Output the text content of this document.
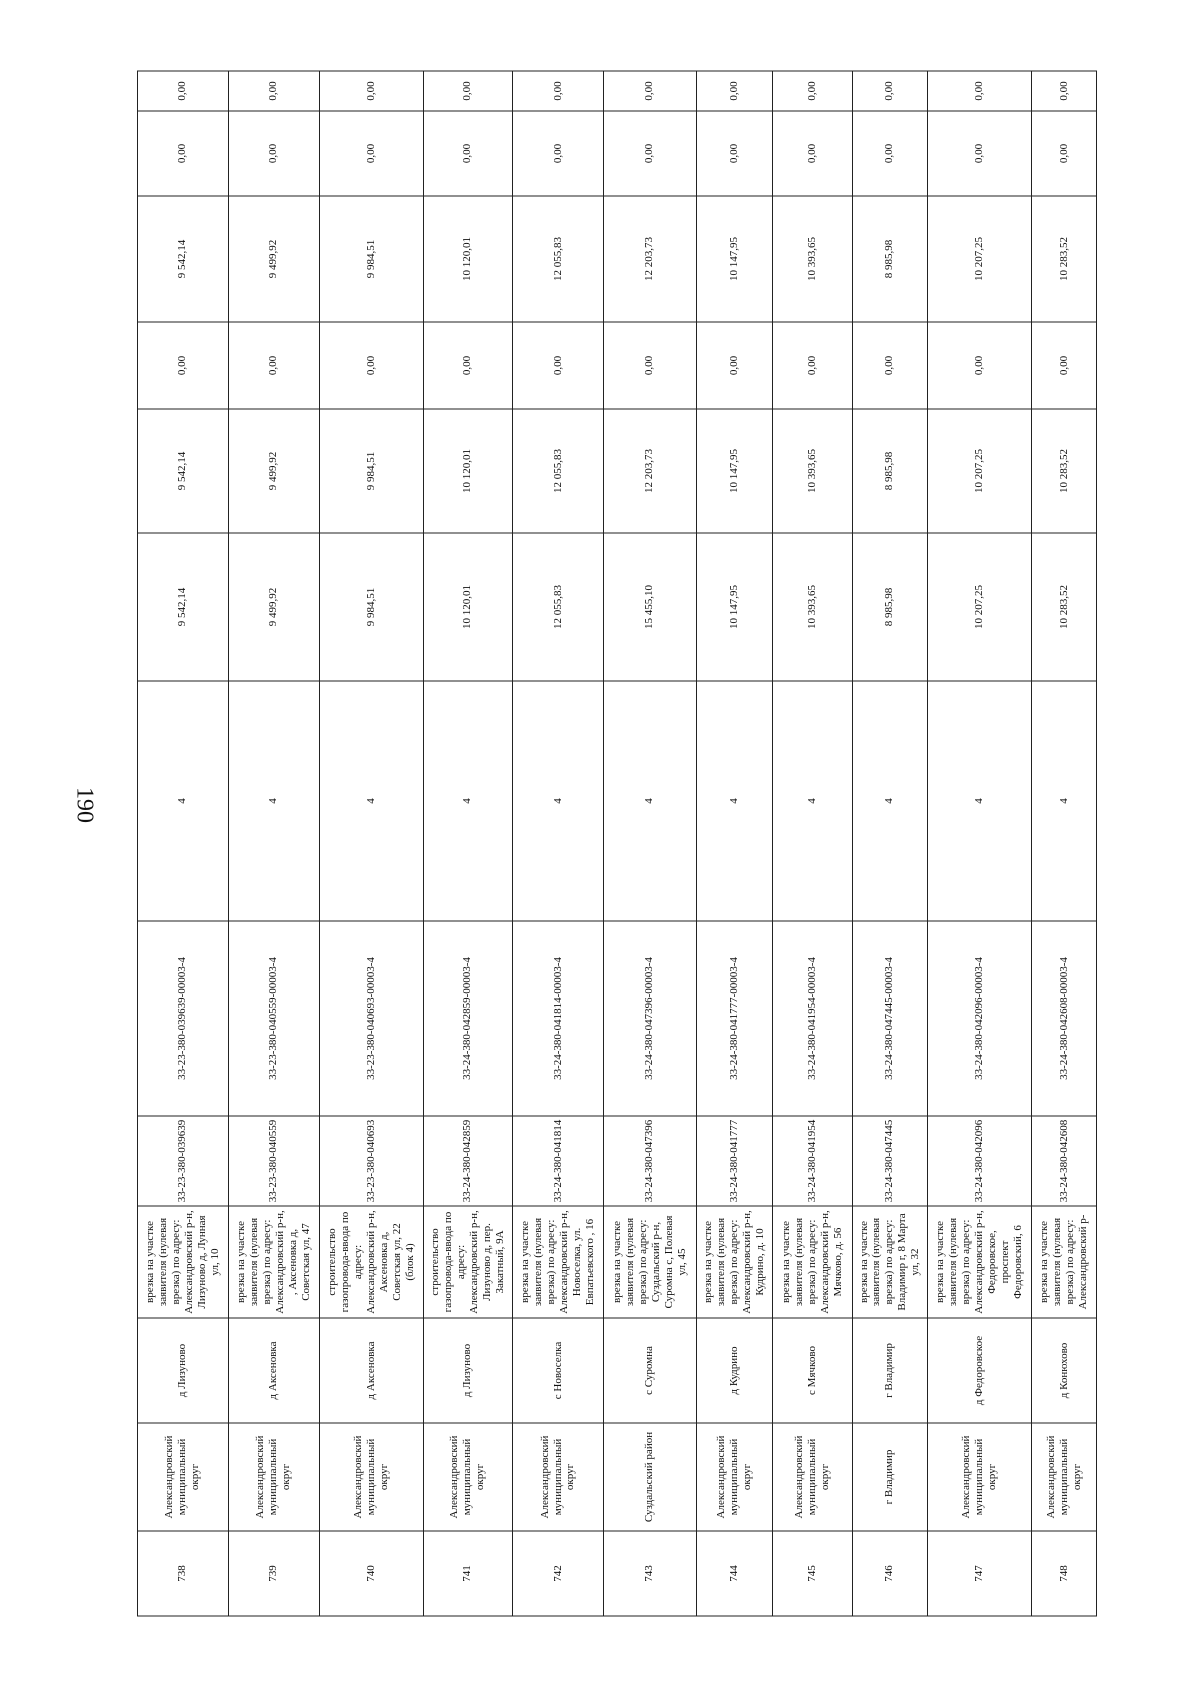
190
738	Александровский муниципальный округ	д Лизуново	врезка на участке заявителя (нулевая врезка) по адресу: Александровский р-н, Лизуново д, Лунная ул, 10	33-23-380-039639	33-23-380-039639-00003-4	4	9 542,14	9 542,14	0,00	9 542,14	0,00	0,00
739	Александровский муниципальный округ	д Аксеновка	врезка на участке заявителя (нулевая врезка) по адресу: Александровский р-н, , Аксеновка д, Советская ул, 47	33-23-380-040559	33-23-380-040559-00003-4	4	9 499,92	9 499,92	0,00	9 499,92	0,00	0,00
740	Александровский муниципальный округ	д Аксеновка	строительство газопровода-ввода по адресу: Александровский р-н, Аксеновка д, Советская ул, 22 (блок 4)	33-23-380-040693	33-23-380-040693-00003-4	4	9 984,51	9 984,51	0,00	9 984,51	0,00	0,00
741	Александровский муниципальный округ	д Лизуново	строительство газопровода-ввода по адресу: Александровский р-н, Лизуново д, пер. Закатный, 9А	33-24-380-042859	33-24-380-042859-00003-4	4	10 120,01	10 120,01	0,00	10 120,01	0,00	0,00
742	Александровский муниципальный округ	с Новоселка	врезка на участке заявителя (нулевая врезка) по адресу: Александровский р-н, Новоселка, ул. Евпатьевского , 16	33-24-380-041814	33-24-380-041814-00003-4	4	12 055,83	12 055,83	0,00	12 055,83	0,00	0,00
743	Суздальский район	с Суромна	врезка на участке заявителя (нулевая врезка) по адресу: Суздальский р-н, Суромна с, Полевая ул, 45	33-24-380-047396	33-24-380-047396-00003-4	4	15 455,10	12 203,73	0,00	12 203,73	0,00	0,00
744	Александровский муниципальный округ	д Кудрино	врезка на участке заявителя (нулевая врезка) по адресу: Александровский р-н, Кудрино, д. 10	33-24-380-041777	33-24-380-041777-00003-4	4	10 147,95	10 147,95	0,00	10 147,95	0,00	0,00
745	Александровский муниципальный округ	с Мячково	врезка на участке заявителя (нулевая врезка) по адресу: Александровский р-н, Мячково, д. 56	33-24-380-041954	33-24-380-041954-00003-4	4	10 393,65	10 393,65	0,00	10 393,65	0,00	0,00
746	г Владимир	г Владимир	врезка на участке заявителя (нулевая врезка) по адресу: Владимир г, 8 Марта ул, 32	33-24-380-047445	33-24-380-047445-00003-4	4	8 985,98	8 985,98	0,00	8 985,98	0,00	0,00
747	Александровский муниципальный округ	д Федоровское	врезка на участке заявителя (нулевая врезка) по адресу: Александровский р-н, Федоровское, проспект Федоровский, 6	33-24-380-042096	33-24-380-042096-00003-4	4	10 207,25	10 207,25	0,00	10 207,25	0,00	0,00
748	Александровский муниципальный округ	д Конюхово	врезка на участке заявителя (нулевая врезка) по адресу: Александровский р-	33-24-380-042608	33-24-380-042608-00003-4	4	10 283,52	10 283,52	0,00	10 283,52	0,00	0,00
